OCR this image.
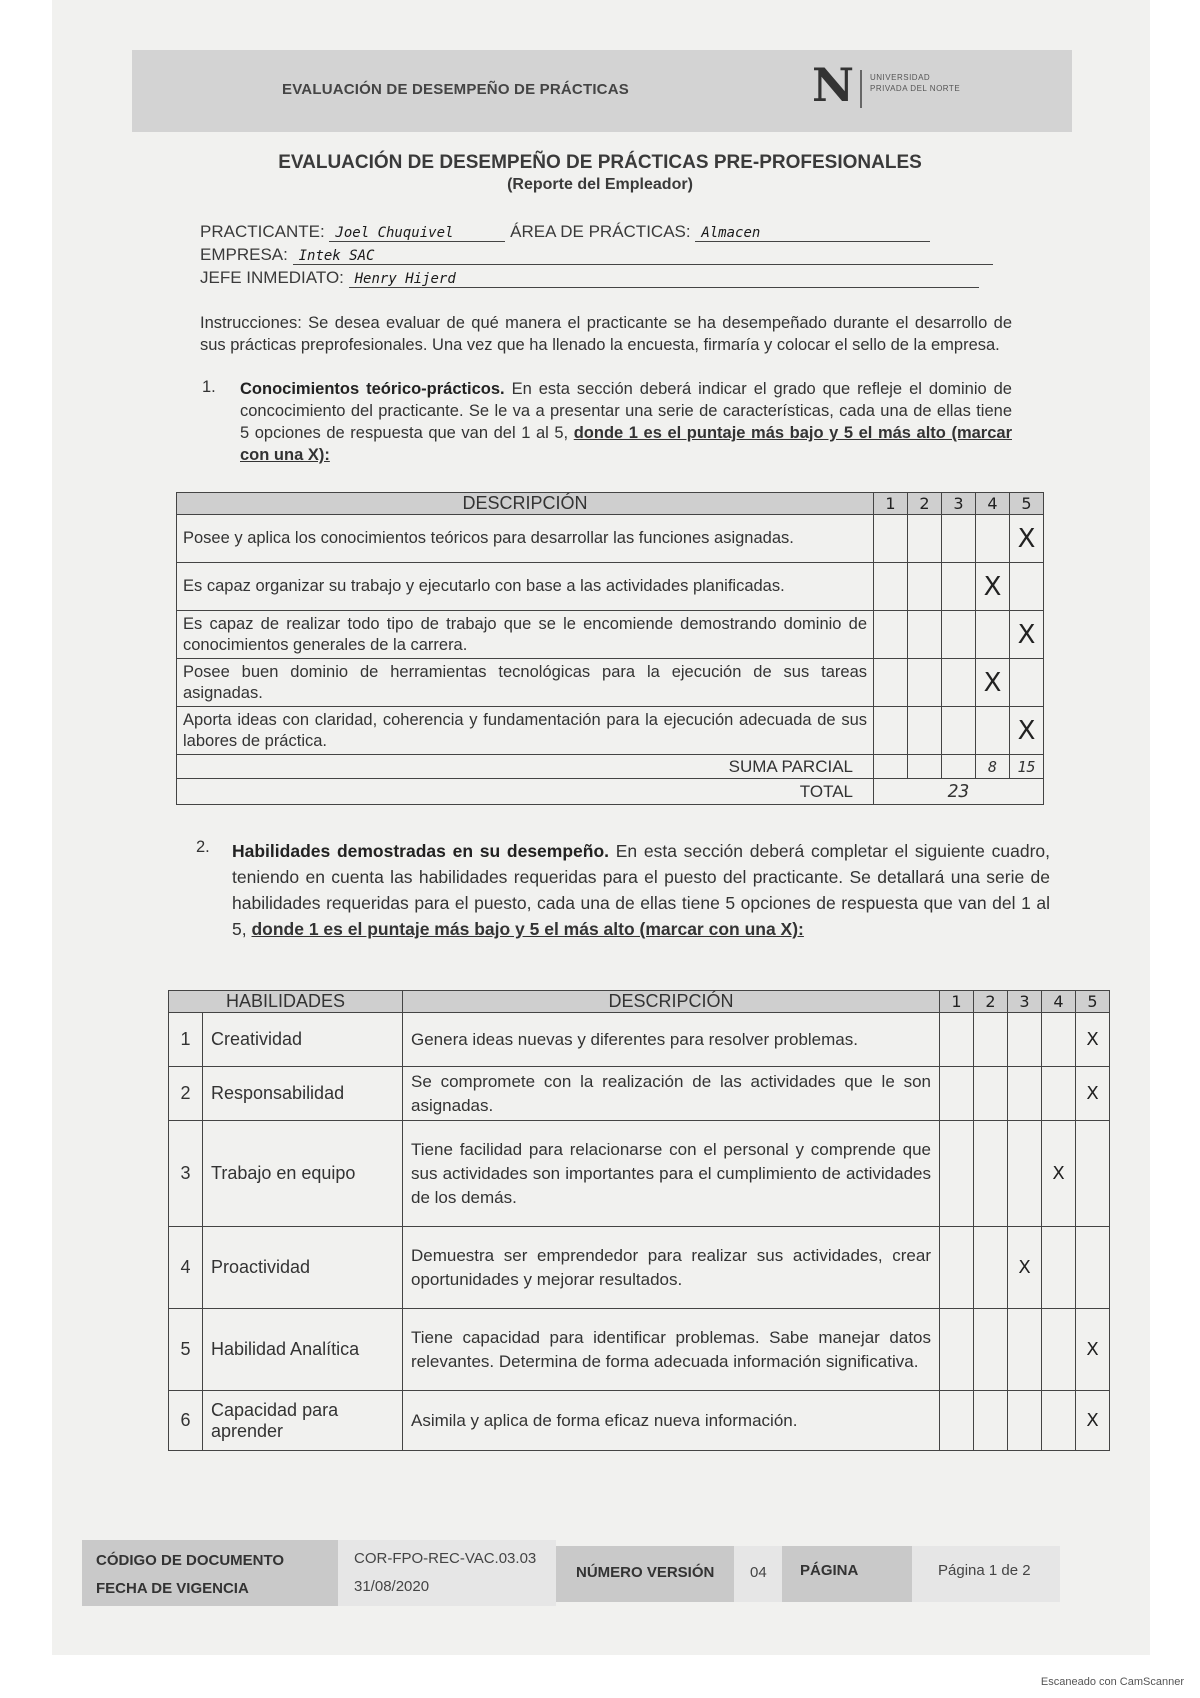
EVALUACIÓN DE DESEMPEÑO DE PRÁCTICAS	N UNIVERSIDAD
PRIVADA DEL NORTE
EVALUACIÓN DE DESEMPEÑO DE PRÁCTICAS PRE-PROFESIONALES
(Reporte del Empleador)
PRACTICANTE: Joel Chuquivel	ÁREA DE PRÁCTICAS: Almacen
EMPRESA: Intek SAC
JEFE INMEDIATO: Henry Hijerd
Instrucciones: Se desea evaluar de qué manera el practicante se ha desempeñado durante el desarrollo de sus prácticas preprofesionales. Una vez que ha llenado la encuesta, firmaría y colocar el sello de la empresa.
1. Conocimientos teórico-prácticos. En esta sección deberá indicar el grado que refleje el dominio de concocimiento del practicante. Se le va a presentar una serie de características, cada una de ellas tiene 5 opciones de respuesta que van del 1 al 5, donde 1 es el puntaje más bajo y 5 el más alto (marcar con una X):
DESCRIPCIÓN	1	2	3	4	5
Posee y aplica los conocimientos teóricos para desarrollar las funciones asignadas.					X
Es capaz organizar su trabajo y ejecutarlo con base a las actividades planificadas.				X	
Es capaz de realizar todo tipo de trabajo que se le encomiende demostrando dominio de conocimientos generales de la carrera.					X
Posee buen dominio de herramientas tecnológicas para la ejecución de sus tareas asignadas.				X	
Aporta ideas con claridad, coherencia y fundamentación para la ejecución adecuada de sus labores de práctica.					X
SUMA PARCIAL				8	15
TOTAL	23				
2. Habilidades demostradas en su desempeño. En esta sección deberá completar el siguiente cuadro, teniendo en cuenta las habilidades requeridas para el puesto del practicante. Se detallará una serie de habilidades requeridas para el puesto, cada una de ellas tiene 5 opciones de respuesta que van del 1 al 5, donde 1 es el puntaje más bajo y 5 el más alto (marcar con una X):
HABILIDADES		DESCRIPCIÓN	1	2	3	4	5
1	Creatividad	Genera ideas nuevas y diferentes para resolver problemas.					X
2	Responsabilidad	Se compromete con la realización de las actividades que le son asignadas.					X
3	Trabajo en equipo	Tiene facilidad para relacionarse con el personal y comprende que sus actividades son importantes para el cumplimiento de actividades de los demás.				X	
4	Proactividad	Demuestra ser emprendedor para realizar sus actividades, crear oportunidades y mejorar resultados.			X		
5	Habilidad Analítica	Tiene capacidad para identificar problemas. Sabe manejar datos relevantes. Determina de forma adecuada información significativa.					X
6	Capacidad para aprender	Asimila y aplica de forma eficaz nueva información.					X
CÓDIGO DE DOCUMENTO
FECHA DE VIGENCIA
COR-FPO-REC-VAC.03.03
31/08/2020
NÚMERO VERSIÓN 04 PÁGINA	Página 1 de 2
Escaneado con CamScanner
